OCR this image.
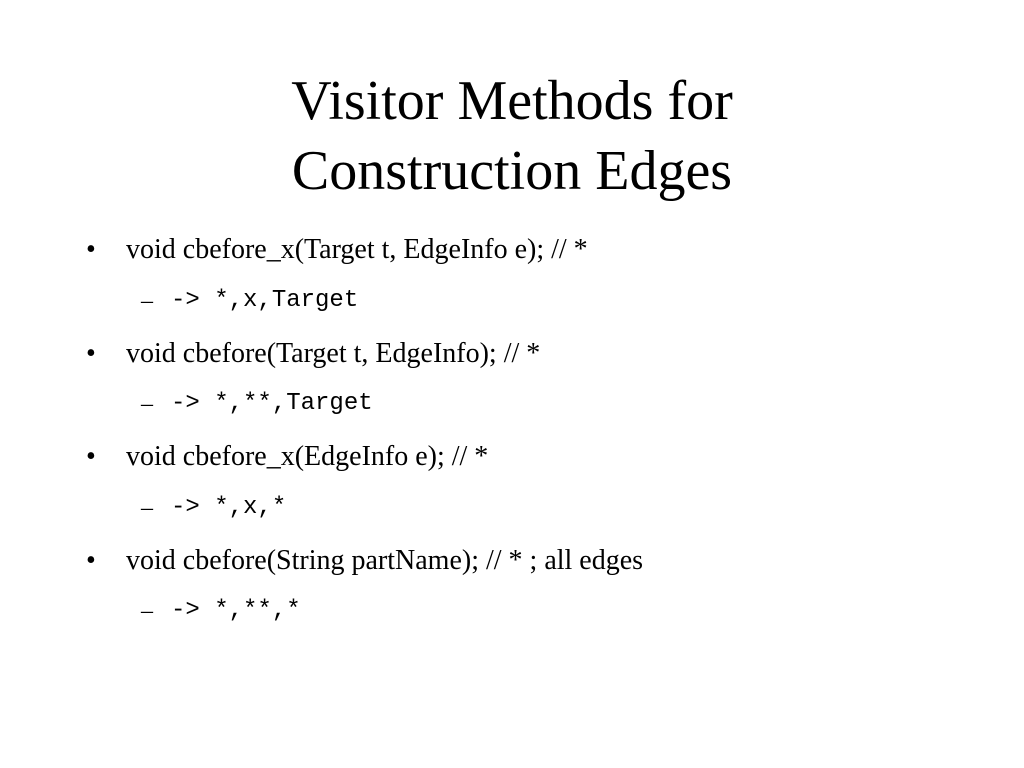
Visitor Methods for
Construction Edges
• void cbefore_x(Target t, EdgeInfo e); // *
– -> *,x,Target
• void cbefore(Target t, EdgeInfo); // *
– -> *,**,Target
• void cbefore_x(EdgeInfo e); // *
– -> *,x,*
• void cbefore(String partName); // * ; all edges
– -> *,**,*
